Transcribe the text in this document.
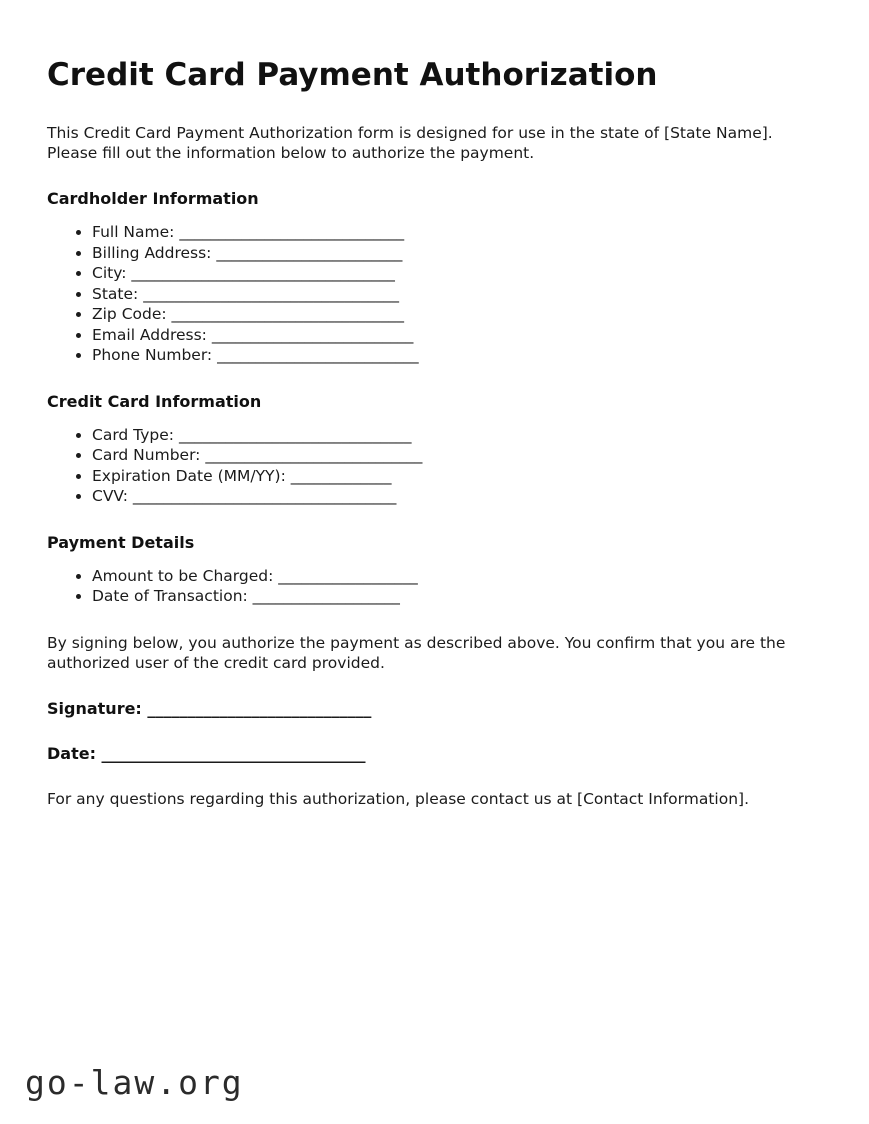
Credit Card Payment Authorization

This Credit Card Payment Authorization form is designed for use in the state of [State Name]. Please fill out the information below to authorize the payment.

Cardholder Information
• Full Name: _____________________________
• Billing Address: ________________________
• City: __________________________________
• State: _________________________________
• Zip Code: ______________________________
• Email Address: __________________________
• Phone Number: __________________________
Credit Card Information
• Card Type: ______________________________
• Card Number: ____________________________
• Expiration Date (MM/YY): _____________
• CVV: __________________________________
Payment Details
• Amount to be Charged: __________________
• Date of Transaction: ___________________

By signing below, you authorize the payment as described above. You confirm that you are the authorized user of the credit card provided.

Signature: ____________________________

Date: _________________________________

For any questions regarding this authorization, please contact us at [Contact Information].

go-law.org
